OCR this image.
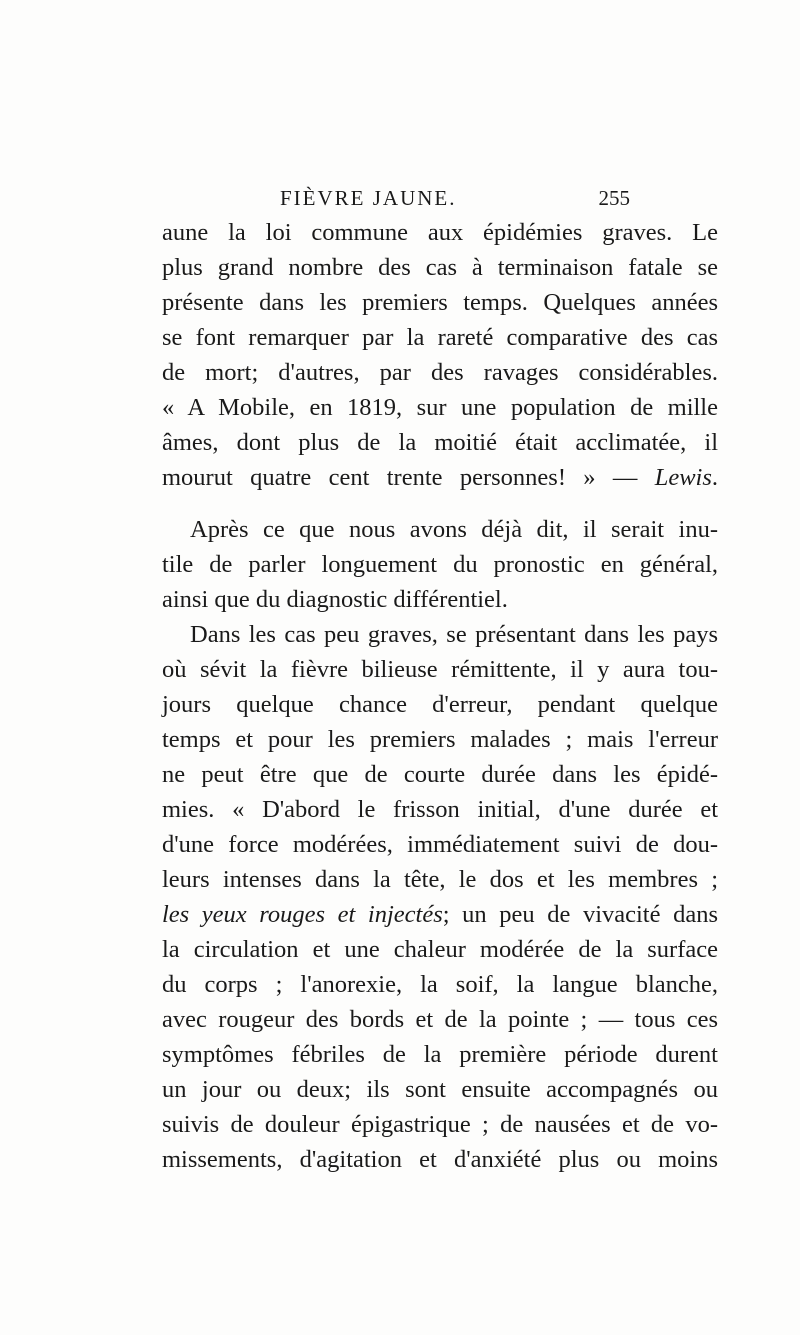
FIÈVRE JAUNE.	255
aune la loi commune aux épidémies graves. Le
plus grand nombre des cas à terminaison fatale se
présente dans les premiers temps. Quelques années
se font remarquer par la rareté comparative des cas
de mort; d'autres, par des ravages considérables.
« A Mobile, en 1819, sur une population de mille
âmes, dont plus de la moitié était acclimatée, il
mourut quatre cent trente personnes! » — Lewis.
Après ce que nous avons déjà dit, il serait inu-
tile de parler longuement du pronostic en général,
ainsi que du diagnostic différentiel.
Dans les cas peu graves, se présentant dans les pays
où sévit la fièvre bilieuse rémittente, il y aura tou-
jours quelque chance d'erreur, pendant quelque
temps et pour les premiers malades ; mais l'erreur
ne peut être que de courte durée dans les épidé-
mies. « D'abord le frisson initial, d'une durée et
d'une force modérées, immédiatement suivi de dou-
leurs intenses dans la tête, le dos et les membres ;
les yeux rouges et injectés; un peu de vivacité dans
la circulation et une chaleur modérée de la surface
du corps ; l'anorexie, la soif, la langue blanche,
avec rougeur des bords et de la pointe ; — tous ces
symptômes fébriles de la première période durent
un jour ou deux; ils sont ensuite accompagnés ou
suivis de douleur épigastrique ; de nausées et de vo-
missements, d'agitation et d'anxiété plus ou moins
